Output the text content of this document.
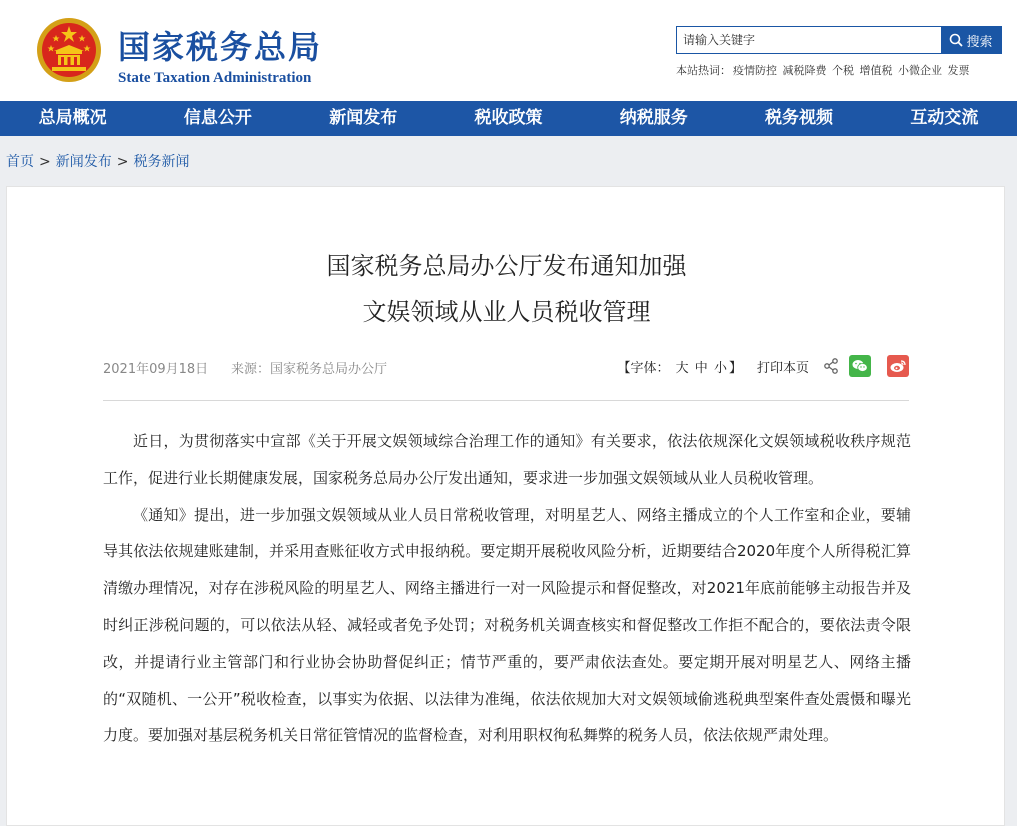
国家税务总局
State Taxation Administration
请输入关键字
搜索
本站热词： 疫情防控 减税降费 个税 增值税 小微企业 发票
总局概况	信息公开	新闻发布	税收政策	纳税服务	税务视频	互动交流
首页 > 新闻发布 > 税务新闻
国家税务总局办公厅发布通知加强
文娱领域从业人员税收管理
2021年09月18日 来源：国家税务总局办公厅	【字体： 大 中 小 】 打印本页

近日，为贯彻落实中宣部《关于开展文娱领域综合治理工作的通知》有关要求，依法依规深化文娱领域税收秩序规范工作，促进行业长期健康发展，国家税务总局办公厅发出通知，要求进一步加强文娱领域从业人员税收管理。

《通知》提出，进一步加强文娱领域从业人员日常税收管理，对明星艺人、网络主播成立的个人工作室和企业，要辅导其依法依规建账建制，并采用查账征收方式申报纳税。要定期开展税收风险分析，近期要结合2020年度个人所得税汇算清缴办理情况，对存在涉税风险的明星艺人、网络主播进行一对一风险提示和督促整改，对2021年底前能够主动报告并及时纠正涉税问题的，可以依法从轻、减轻或者免予处罚；对税务机关调查核实和督促整改工作拒不配合的，要依法责令限改，并提请行业主管部门和行业协会协助督促纠正；情节严重的，要严肃依法查处。要定期开展对明星艺人、网络主播的“双随机、一公开”税收检查，以事实为依据、以法律为准绳，依法依规加大对文娱领域偷逃税典型案件查处震慑和曝光力度。要加强对基层税务机关日常征管情况的监督检查，对利用职权徇私舞弊的税务人员，依法依规严肃处理。
